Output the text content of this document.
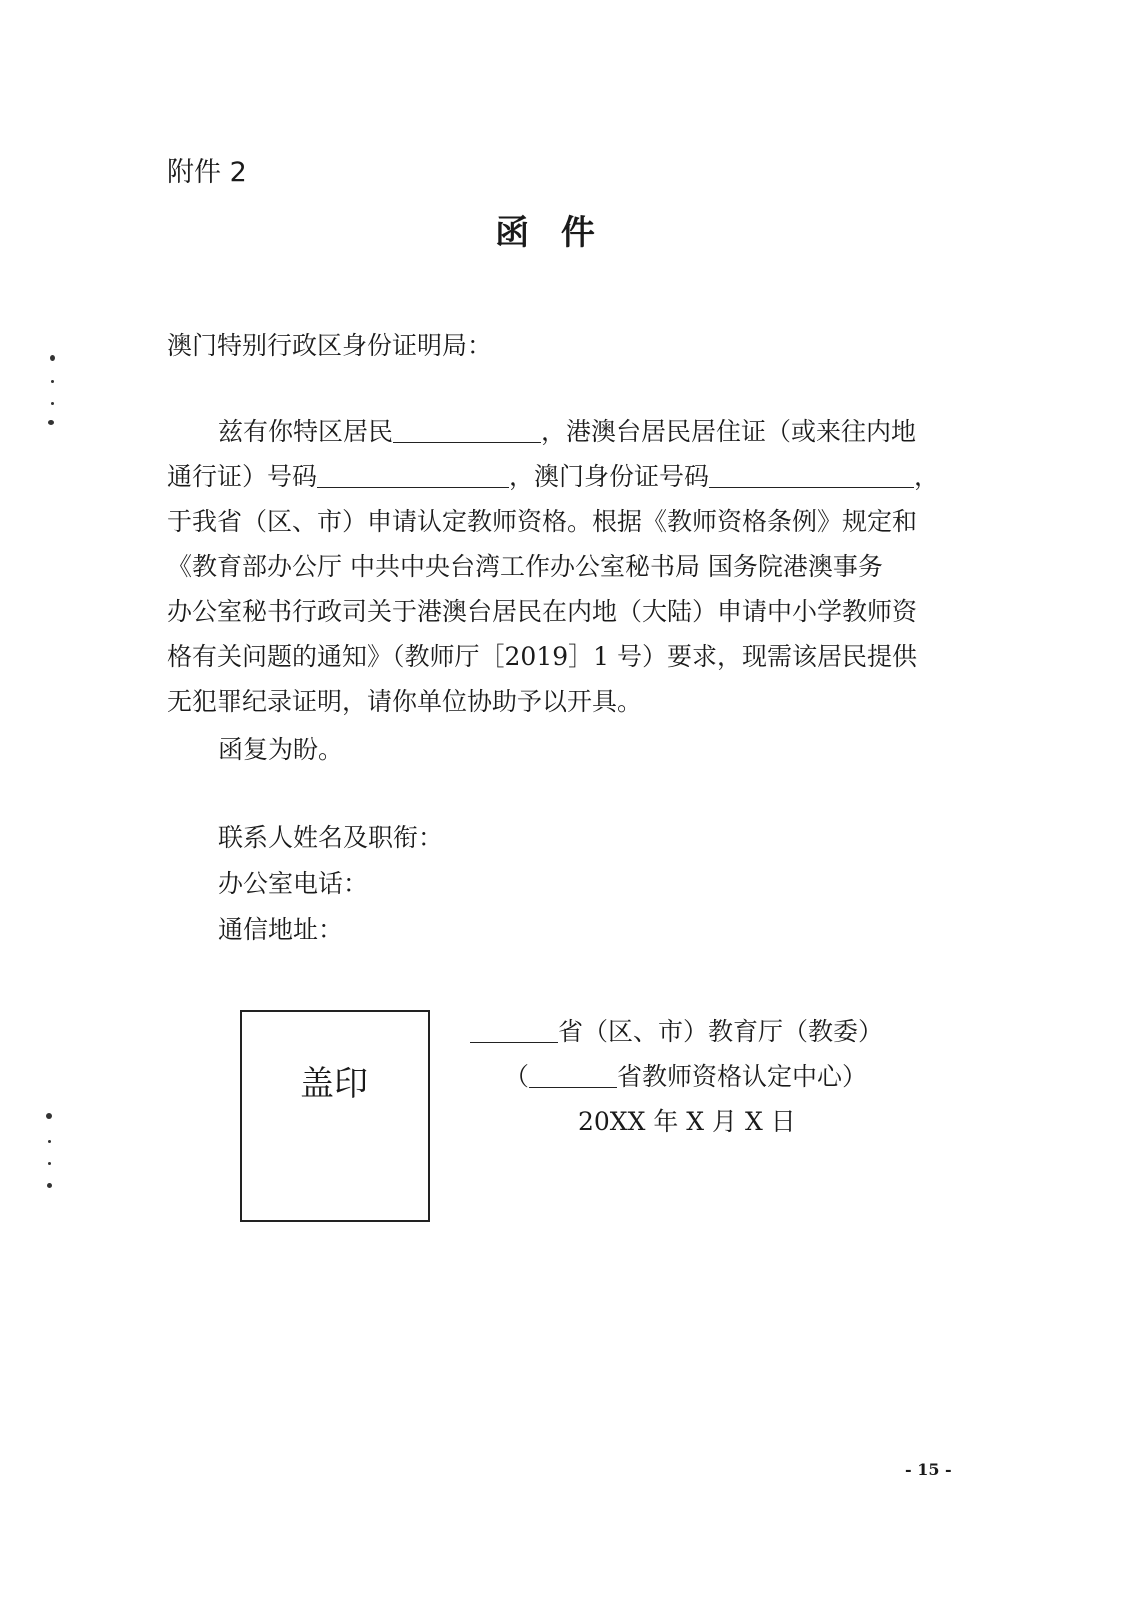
附件 2
函 件
澳门特别行政区身份证明局：
兹有你特区居民	，港澳台居民居住证（或来往内地
通行证）号码	，澳门身份证号码	，
于我省（区、市）申请认定教师资格。根据《教师资格条例》规定和
《教育部办公厅 中共中央台湾工作办公室秘书局 国务院港澳事务
办公室秘书行政司关于港澳台居民在内地（大陆）申请中小学教师资
格有关问题的通知》（教师厅［2019］1 号）要求，现需该居民提供
无犯罪纪录证明，请你单位协助予以开具。
函复为盼。
联系人姓名及职衔：
办公室电话：
通信地址：
盖印
省（区、市）教育厅（教委）
（	省教师资格认定中心）
20XX 年 X 月 X 日
- 15 -
